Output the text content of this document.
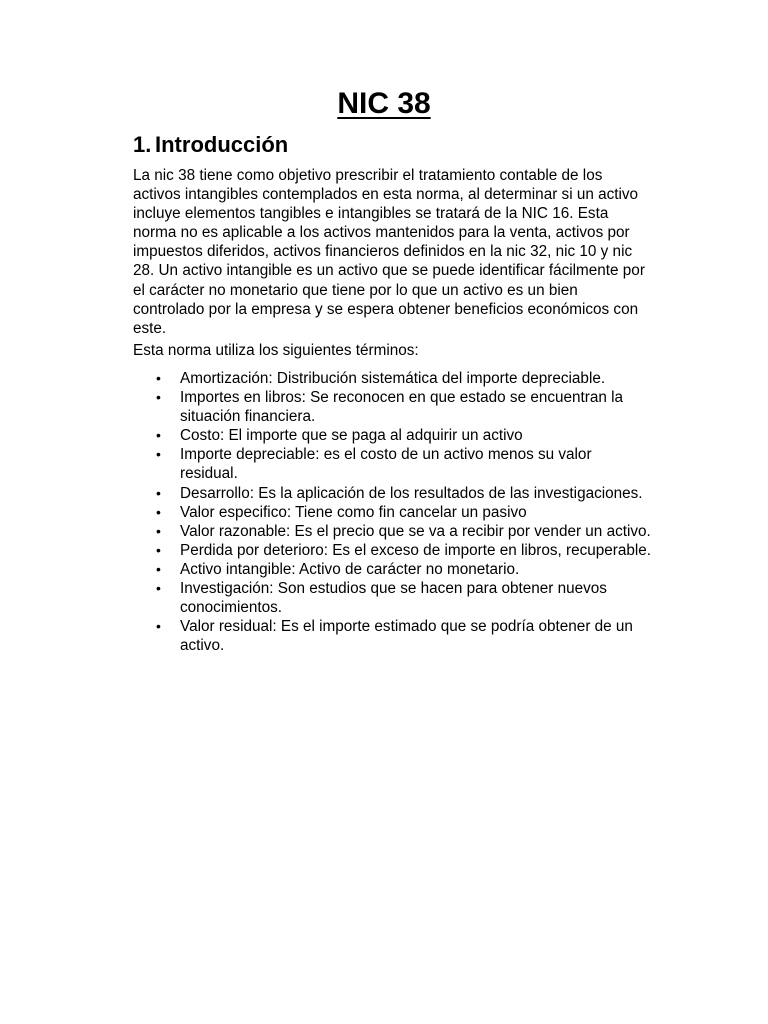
NIC 38
1. Introducción

La nic 38 tiene como objetivo prescribir el tratamiento contable de los
activos intangibles contemplados en esta norma, al determinar si un activo
incluye elementos tangibles e intangibles se tratará de la NIC 16. Esta
norma no es aplicable a los activos mantenidos para la venta, activos por
impuestos diferidos, activos financieros definidos en la nic 32, nic 10 y nic
28. Un activo intangible es un activo que se puede identificar fácilmente por
el carácter no monetario que tiene por lo que un activo es un bien
controlado por la empresa y se espera obtener beneficios económicos con
este.

Esta norma utiliza los siguientes términos:

• Amortización: Distribución sistemática del importe depreciable.
• Importes en libros: Se reconocen en que estado se encuentran la
situación financiera.
• Costo: El importe que se paga al adquirir un activo
• Importe depreciable: es el costo de un activo menos su valor
residual.
• Desarrollo: Es la aplicación de los resultados de las investigaciones.
• Valor especifico: Tiene como fin cancelar un pasivo
• Valor razonable: Es el precio que se va a recibir por vender un activo.
• Perdida por deterioro: Es el exceso de importe en libros, recuperable.
• Activo intangible: Activo de carácter no monetario.
• Investigación: Son estudios que se hacen para obtener nuevos
conocimientos.
• Valor residual: Es el importe estimado que se podría obtener de un
activo.
